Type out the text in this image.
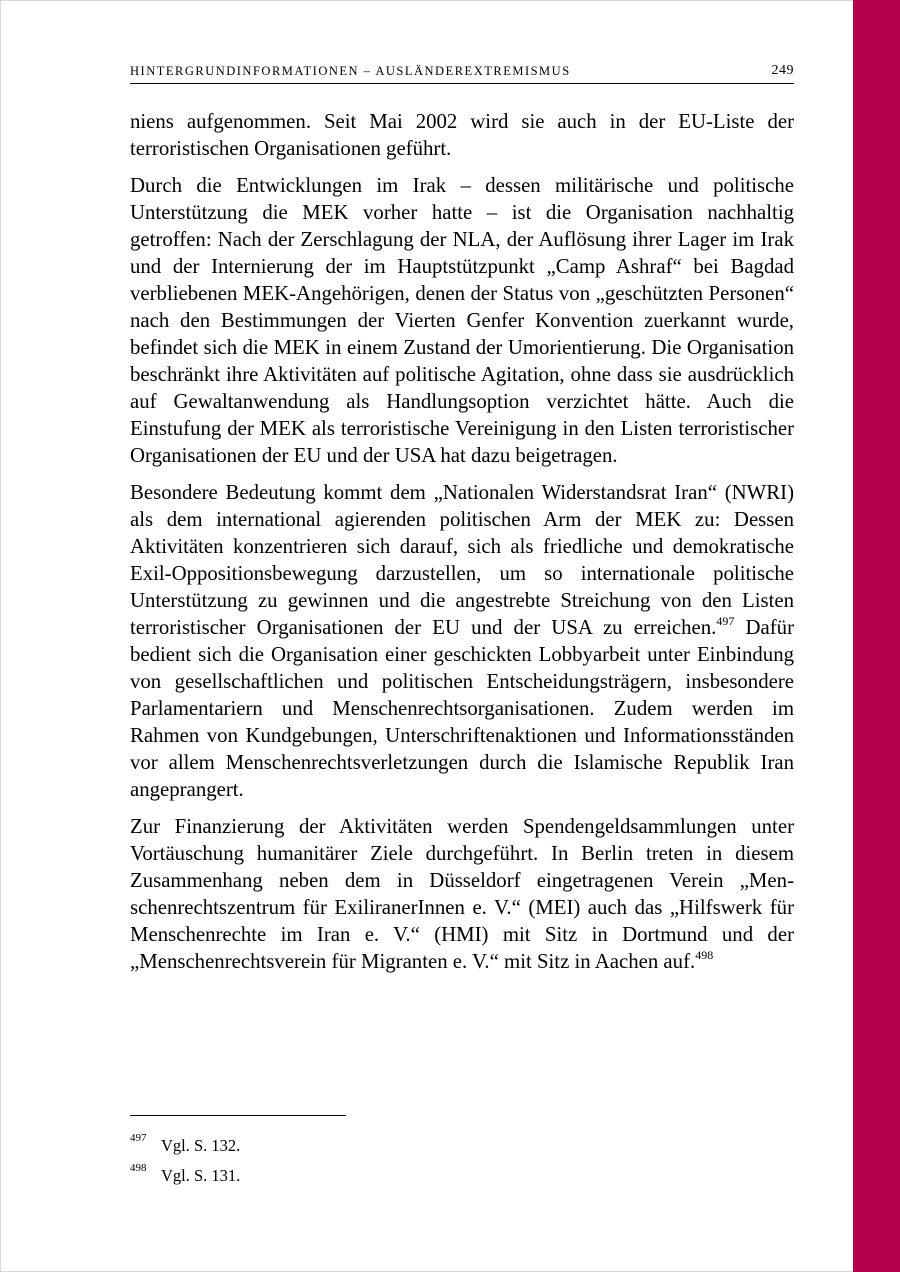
HINTERGRUNDINFORMATIONEN – AUSLÄNDEREXTREMISMUS	249

niens aufgenommen. Seit Mai 2002 wird sie auch in der EU-Liste der terroristischen Organisationen geführt.

Durch die Entwicklungen im Irak – dessen militärische und politische Unterstützung die MEK vorher hatte – ist die Organisation nachhaltig getroffen: Nach der Zerschlagung der NLA, der Auflösung ihrer Lager im Irak und der Internierung der im Hauptstützpunkt „Camp Ashraf“ bei Bagdad verbliebenen MEK-Angehörigen, denen der Status von „geschützten Personen“ nach den Bestimmungen der Vierten Genfer Konvention zuerkannt wurde, befindet sich die MEK in einem Zustand der Umorientierung. Die Organisation beschränkt ihre Aktivitäten auf politische Agitation, ohne dass sie ausdrücklich auf Gewaltanwendung als Handlungsoption verzichtet hätte. Auch die Einstufung der MEK als terroristische Vereinigung in den Listen terroristischer Organisationen der EU und der USA hat dazu beigetragen.

Besondere Bedeutung kommt dem „Nationalen Widerstandsrat Iran“ (NWRI) als dem international agierenden politischen Arm der MEK zu: Dessen Aktivitäten konzentrieren sich darauf, sich als friedliche und demokratische Exil-Oppositionsbewegung darzustellen, um so internationale politische Unterstützung zu gewinnen und die angestrebte Streichung von den Listen terroristischer Organisationen der EU und der USA zu erreichen.$^{497}$ Dafür bedient sich die Organisation einer geschickten Lobbyarbeit unter Einbindung von gesellschaftlichen und politischen Entscheidungsträgern, insbesondere Parlamentariern und Menschenrechtsorganisationen. Zudem werden im Rahmen von Kundgebungen, Unterschriftenaktionen und Informationsständen vor allem Menschenrechtsverletzungen durch die Islamische Republik Iran angeprangert.

Zur Finanzierung der Aktivitäten werden Spendengeldsammlungen unter Vortäuschung humanitärer Ziele durchgeführt. In Berlin treten in diesem Zusammenhang neben dem in Düsseldorf eingetragenen Verein „Menschenrechtszentrum für ExiliranerInnen e. V.“ (MEI) auch das „Hilfswerk für Menschenrechte im Iran e. V.“ (HMI) mit Sitz in Dortmund und der „Menschenrechtsverein für Migranten e. V.“ mit Sitz in Aachen auf.$^{498}$

497 Vgl. S. 132.
498 Vgl. S. 131.
